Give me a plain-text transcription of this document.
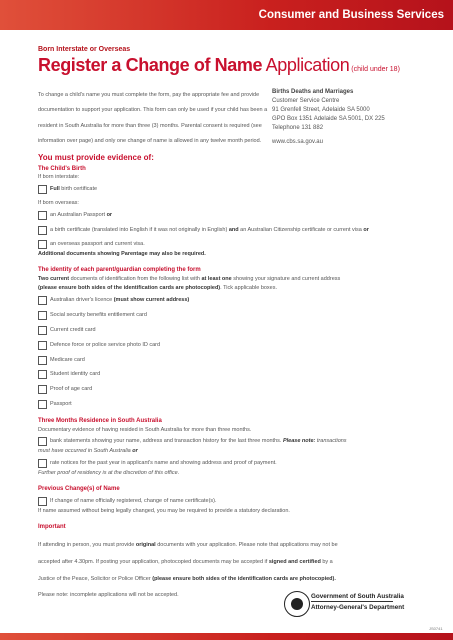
Consumer and Business Services
Born Interstate or Overseas
Register a Change of Name Application (child under 18)

To change a child's name you must complete the form, pay the appropriate fee and provide documentation to support your application. This form can only be used if your child has been a resident in South Australia for more than three (3) months. Parental consent is required (see information over page) and only one change of name is allowed in any twelve month period.

Births Deaths and Marriages
Customer Service Centre
91 Grenfell Street, Adelaide SA 5000
GPO Box 1351 Adelaide SA 5001, DX 225
Telephone 131 882
www.cbs.sa.gov.au
You must provide evidence of:
The Child's Birth
If born interstate:
Full birth certificate
If born overseas:
an Australian Passport or
a birth certificate (translated into English if it was not originally in English) and an Australian Citizenship certificate or current visa or
an overseas passport and current visa.
Additional documents showing Parentage may also be required.
The identity of each parent/guardian completing the form
Two current documents of identification from the following list with at least one showing your signature and current address
(please ensure both sides of the identification cards are photocopied). Tick applicable boxes.
Australian driver's licence (must show current address)
Social security benefits entitlement card
Current credit card
Defence force or police service photo ID card
Medicare card
Student identity card
Proof of age card
Passport
Three Months Residence in South Australia
Documentary evidence of having resided in South Australia for more than three months.
bank statements showing your name, address and transaction history for the last three months. Please note: transactions
must have occurred in South Australia or
rate notices for the past year in applicant's name and showing address and proof of payment.
Further proof of residency is at the discretion of this office.
Previous Change(s) of Name
If change of name officially registered, change of name certificate(s).
If name assumed without being legally changed, you may be required to provide a statutory declaration.
Important
If attending in person, you must provide original documents with your application. Please note that applications may not be
accepted after 4.30pm. If posting your application, photocopied documents may be accepted if signed and certified by a
Justice of the Peace, Solicitor or Police Officer (please ensure both sides of the identification cards are photocopied).
Please note: incomplete applications will not be accepted.	Government of South Australia
Attorney-General's Department
JS0741
